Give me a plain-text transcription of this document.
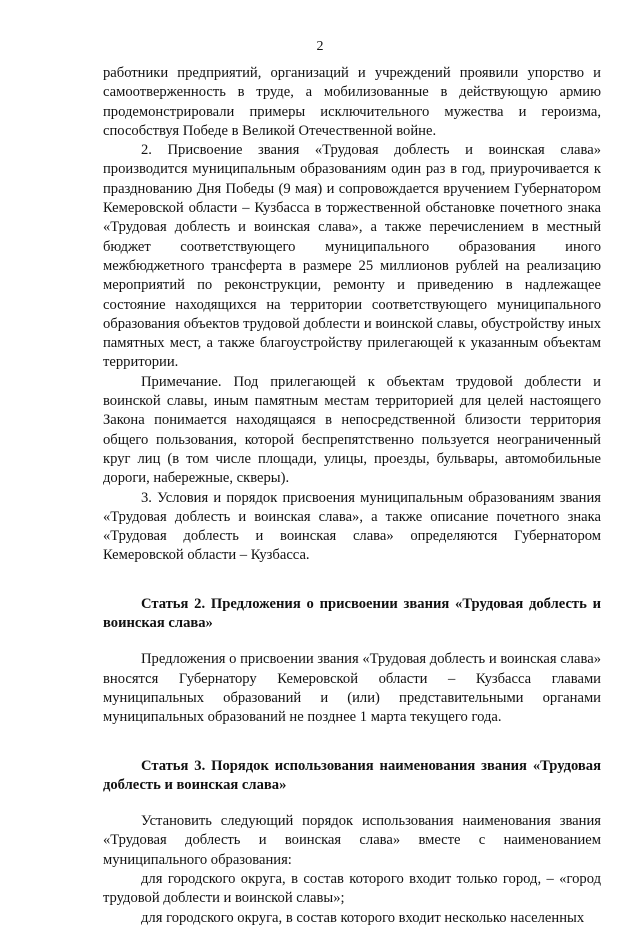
2

работники предприятий, организаций и учреждений проявили упорство и самоотверженность в труде, а мобилизованные в действующую армию продемонстрировали примеры исключительного мужества и героизма, способствуя Победе в Великой Отечественной войне.

2. Присвоение звания «Трудовая доблесть и воинская слава» производится муниципальным образованиям один раз в год, приурочивается к празднованию Дня Победы (9 мая) и сопровождается вручением Губернатором Кемеровской области – Кузбасса в торжественной обстановке почетного знака «Трудовая доблесть и воинская слава», а также перечислением в местный бюджет соответствующего муниципального образования иного межбюджетного трансферта в размере 25 миллионов рублей на реализацию мероприятий по реконструкции, ремонту и приведению в надлежащее состояние находящихся на территории соответствующего муниципального образования объектов трудовой доблести и воинской славы, обустройству иных памятных мест, а также благоустройству прилегающей к указанным объектам территории.

Примечание. Под прилегающей к объектам трудовой доблести и воинской славы, иным памятным местам территорией для целей настоящего Закона понимается находящаяся в непосредственной близости территория общего пользования, которой беспрепятственно пользуется неограниченный круг лиц (в том числе площади, улицы, проезды, бульвары, автомобильные дороги, набережные, скверы).

3. Условия и порядок присвоения муниципальным образованиям звания «Трудовая доблесть и воинская слава», а также описание почетного знака «Трудовая доблесть и воинская слава» определяются Губернатором Кемеровской области – Кузбасса.

Статья 2. Предложения о присвоении звания «Трудовая доблесть и воинская слава»

Предложения о присвоении звания «Трудовая доблесть и воинская слава» вносятся Губернатору Кемеровской области – Кузбасса главами муниципальных образований и (или) представительными органами муниципальных образований не позднее 1 марта текущего года.

Статья 3. Порядок использования наименования звания «Трудовая доблесть и воинская слава»

Установить следующий порядок использования наименования звания «Трудовая доблесть и воинская слава» вместе с наименованием муниципального образования:

для городского округа, в состав которого входит только город, – «город трудовой доблести и воинской славы»;

для городского округа, в состав которого входит несколько населенных
